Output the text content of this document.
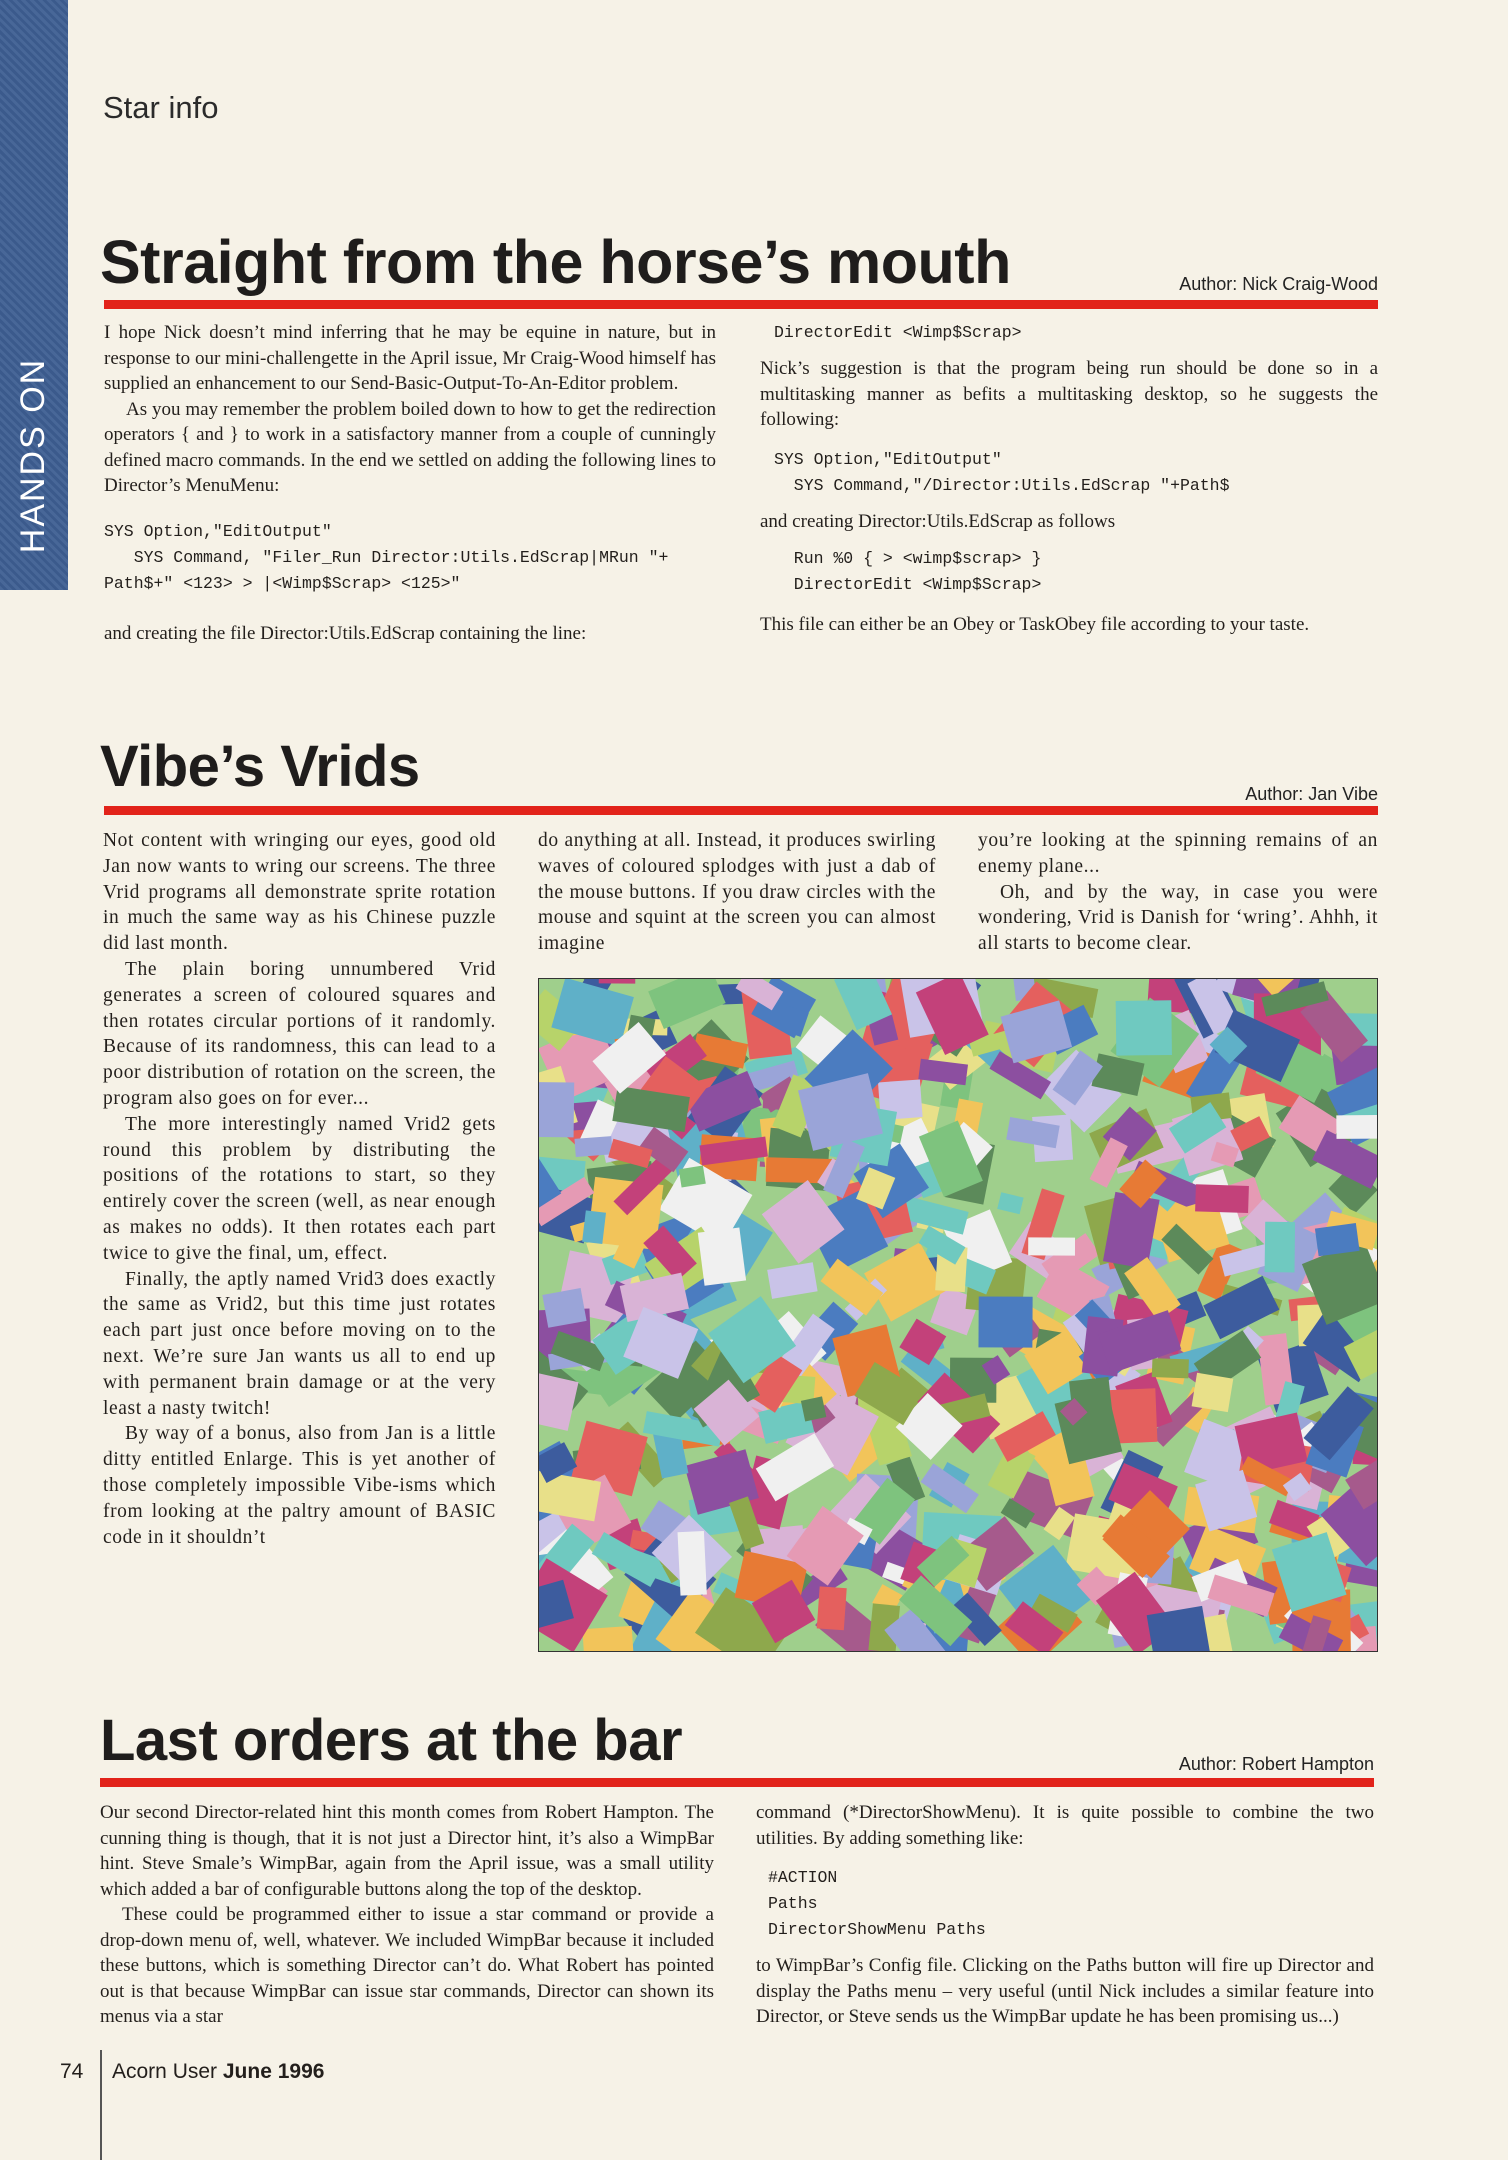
HANDS ON
Star info
Straight from the horse’s mouth	Author: Nick Craig-Wood

I hope Nick doesn’t mind inferring that he may be equine in nature, but in response to our mini-challengette in the April issue, Mr Craig-Wood himself has supplied an enhancement to our Send-Basic-Output-To-An-Editor problem.

As you may remember the problem boiled down to how to get the redirection operators { and } to work in a satisfactory manner from a couple of cunningly defined macro commands. In the end we settled on adding the following lines to Director’s MenuMenu:

SYS Option,"EditOutput"
SYS Command, "Filer_Run Director:Utils.EdScrap|MRun "+
Path$+" <123> > |<Wimp$Scrap> <125>"

and creating the file Director:Utils.EdScrap containing the line:

DirectorEdit <Wimp$Scrap>

Nick’s suggestion is that the program being run should be done so in a multitasking manner as befits a multitasking desktop, so he suggests the following:

SYS Option,"EditOutput"
SYS Command,"/Director:Utils.EdScrap "+Path$

and creating Director:Utils.EdScrap as follows

Run %0 { > <wimp$scrap> }
DirectorEdit <Wimp$Scrap>

This file can either be an Obey or TaskObey file according to your taste.

Vibe’s Vrids	Author: Jan Vibe

Not content with wringing our eyes, good old Jan now wants to wring our screens. The three Vrid programs all demonstrate sprite rotation in much the same way as his Chinese puzzle did last month.

The plain boring unnumbered Vrid generates a screen of coloured squares and then rotates circular portions of it randomly. Because of its randomness, this can lead to a poor distribution of rotation on the screen, the program also goes on for ever...

The more interestingly named Vrid2 gets round this problem by distributing the positions of the rotations to start, so they entirely cover the screen (well, as near enough as makes no odds). It then rotates each part twice to give the final, um, effect.

Finally, the aptly named Vrid3 does exactly the same as Vrid2, but this time just rotates each part just once before moving on to the next. We’re sure Jan wants us all to end up with permanent brain damage or at the very least a nasty twitch!

By way of a bonus, also from Jan is a little ditty entitled Enlarge. This is yet another of those completely impossible Vibe-isms which from looking at the paltry amount of BASIC code in it shouldn’t

do anything at all. Instead, it produces swirling waves of coloured splodges with just a dab of the mouse buttons. If you draw circles with the mouse and squint at the screen you can almost imagine

you’re looking at the spinning remains of an enemy plane...

Oh, and by the way, in case you were wondering, Vrid is Danish for ‘wring’. Ahhh, it all starts to become clear.

Last orders at the bar	Author: Robert Hampton

Our second Director-related hint this month comes from Robert Hampton. The cunning thing is though, that it is not just a Director hint, it’s also a WimpBar hint. Steve Smale’s WimpBar, again from the April issue, was a small utility which added a bar of configurable buttons along the top of the desktop.

These could be programmed either to issue a star command or provide a drop-down menu of, well, whatever. We included WimpBar because it included these buttons, which is something Director can’t do. What Robert has pointed out is that because WimpBar can issue star commands, Director can shown its menus via a star

command (*DirectorShowMenu). It is quite possible to combine the two utilities. By adding something like:

#ACTION
Paths
DirectorShowMenu Paths

to WimpBar’s Config file. Clicking on the Paths button will fire up Director and display the Paths menu – very useful (until Nick includes a similar feature into Director, or Steve sends us the WimpBar update he has been promising us...)

74 Acorn User June 1996
